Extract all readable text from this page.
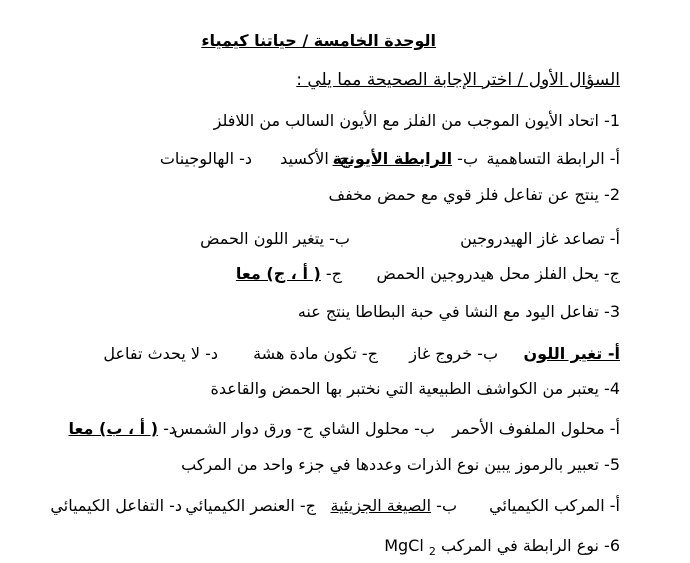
الوحدة الخامسة / حياتنا كيمياء
السؤال الأول / اختر الإجابة الصحيحة مما يلي :
1- اتحاد الأيون الموجب من الفلز مع الأيون السالب من اللافلز
أ- الرابطة التساهمية
ب- الرابطة الأيونية
ج- الأكسيد
د- الهالوجينات
2- ينتج عن تفاعل فلز قوي مع حمض مخفف
أ- تصاعد غاز الهيدروجين
ب- يتغير اللون الحمض
ج- يحل الفلز محل هيدروجين الحمض
ج- ( أ ، ج) معا
3- تفاعل اليود مع النشا في حبة البطاطا ينتج عنه
أ- تغير اللون
ب- خروج غاز
ج- تكون مادة هشة
د- لا يحدث تفاعل
4- يعتبر من الكواشف الطبيعية التي نختبر بها الحمض والقاعدة
أ- محلول الملفوف الأحمر
ب- محلول الشاي
ج- ورق دوار الشمس
د- ( أ ، ب) معا
5- تعبير بالرموز يبين نوع الذرات وعددها في جزء واحد من المركب
أ- المركب الكيميائي
ب- الصيغة الجزيئية
ج- العنصر الكيميائي
د- التفاعل الكيميائي
6- نوع الرابطة في المركب MgCl $_2$
